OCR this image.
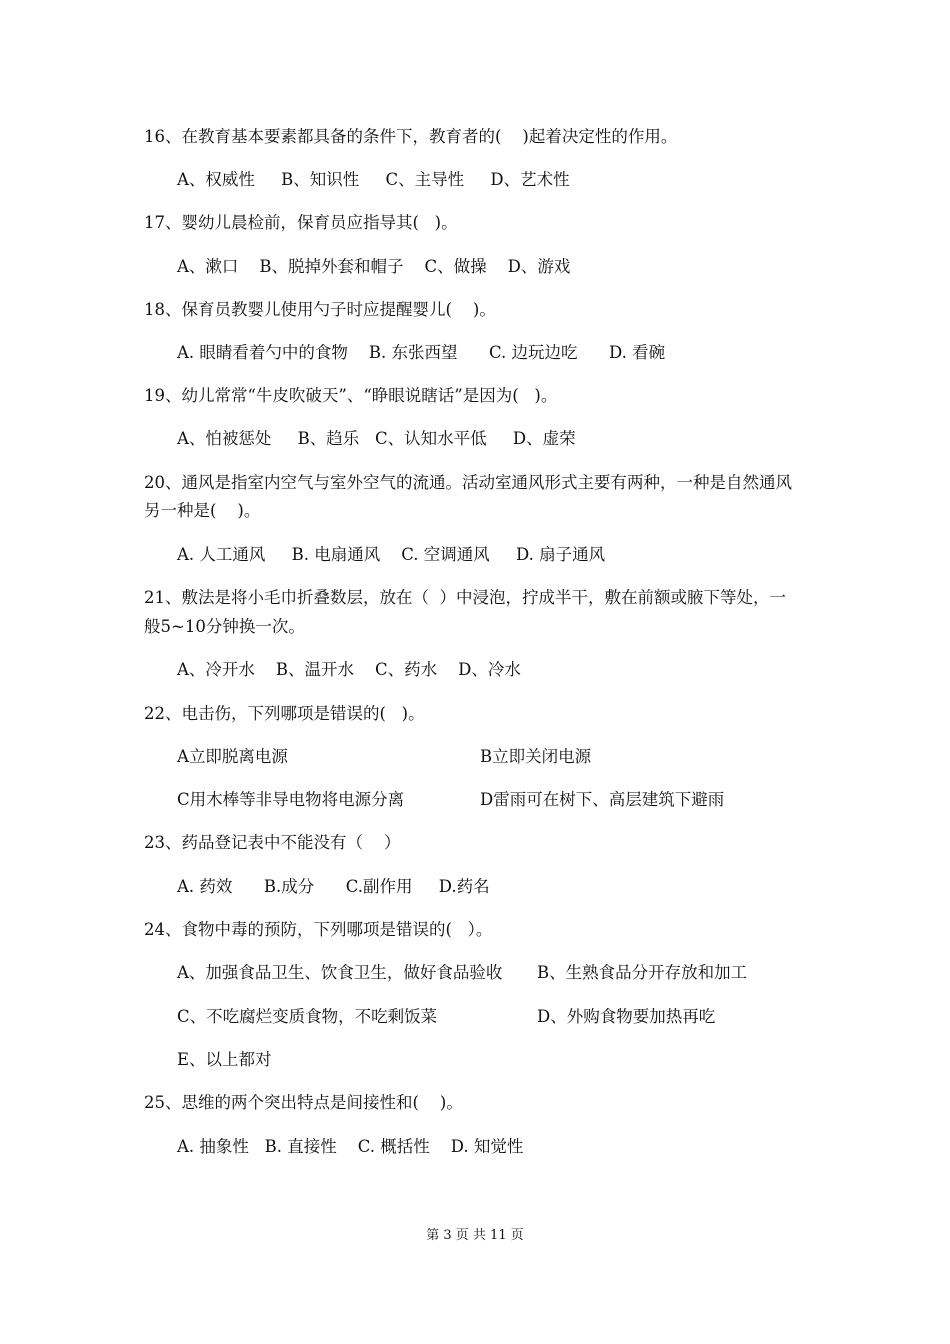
16、在教育基本要素都具备的条件下，教育者的(    )起着决定性的作用。
A、权威性     B、知识性     C、主导性     D、艺术性
17、婴幼儿晨检前，保育员应指导其(   )。
A、漱口    B、脱掉外套和帽子    C、做操    D、游戏
18、保育员教婴儿使用勺子时应提醒婴儿(    )。
A. 眼睛看着勺中的食物    B. 东张西望      C. 边玩边吃      D. 看碗
19、幼儿常常“牛皮吹破天”、“睁眼说瞎话”是因为(   )。
A、怕被惩处     B、趋乐   C、认知水平低     D、虚荣
20、通风是指室内空气与室外空气的流通。活动室通风形式主要有两种，一种是自然通风
另一种是(    )。
A. 人工通风     B. 电扇通风    C. 空调通风     D. 扇子通风
21、敷法是将小毛巾折叠数层，放在（  ）中浸泡，拧成半干，敷在前额或腋下等处，一
般5~10分钟换一次。
A、冷开水    B、温开水    C、药水    D、冷水
22、电击伤，下列哪项是错误的(   )。
A立即脱离电源	B立即关闭电源
C用木棒等非导电物将电源分离	D雷雨可在树下、高层建筑下避雨
23、药品登记表中不能没有（    ）
A. 药效      B.成分      C.副作用     D.药名
24、食物中毒的预防，下列哪项是错误的(   ）。
A、加强食品卫生、饮食卫生，做好食品验收 B、生熟食品分开存放和加工
C、不吃腐烂变质食物，不吃剩饭菜	D、外购食物要加热再吃
E、以上都对
25、思维的两个突出特点是间接性和(    )。
A. 抽象性   B. 直接性    C. 概括性    D. 知觉性
第 3 页 共 11 页
